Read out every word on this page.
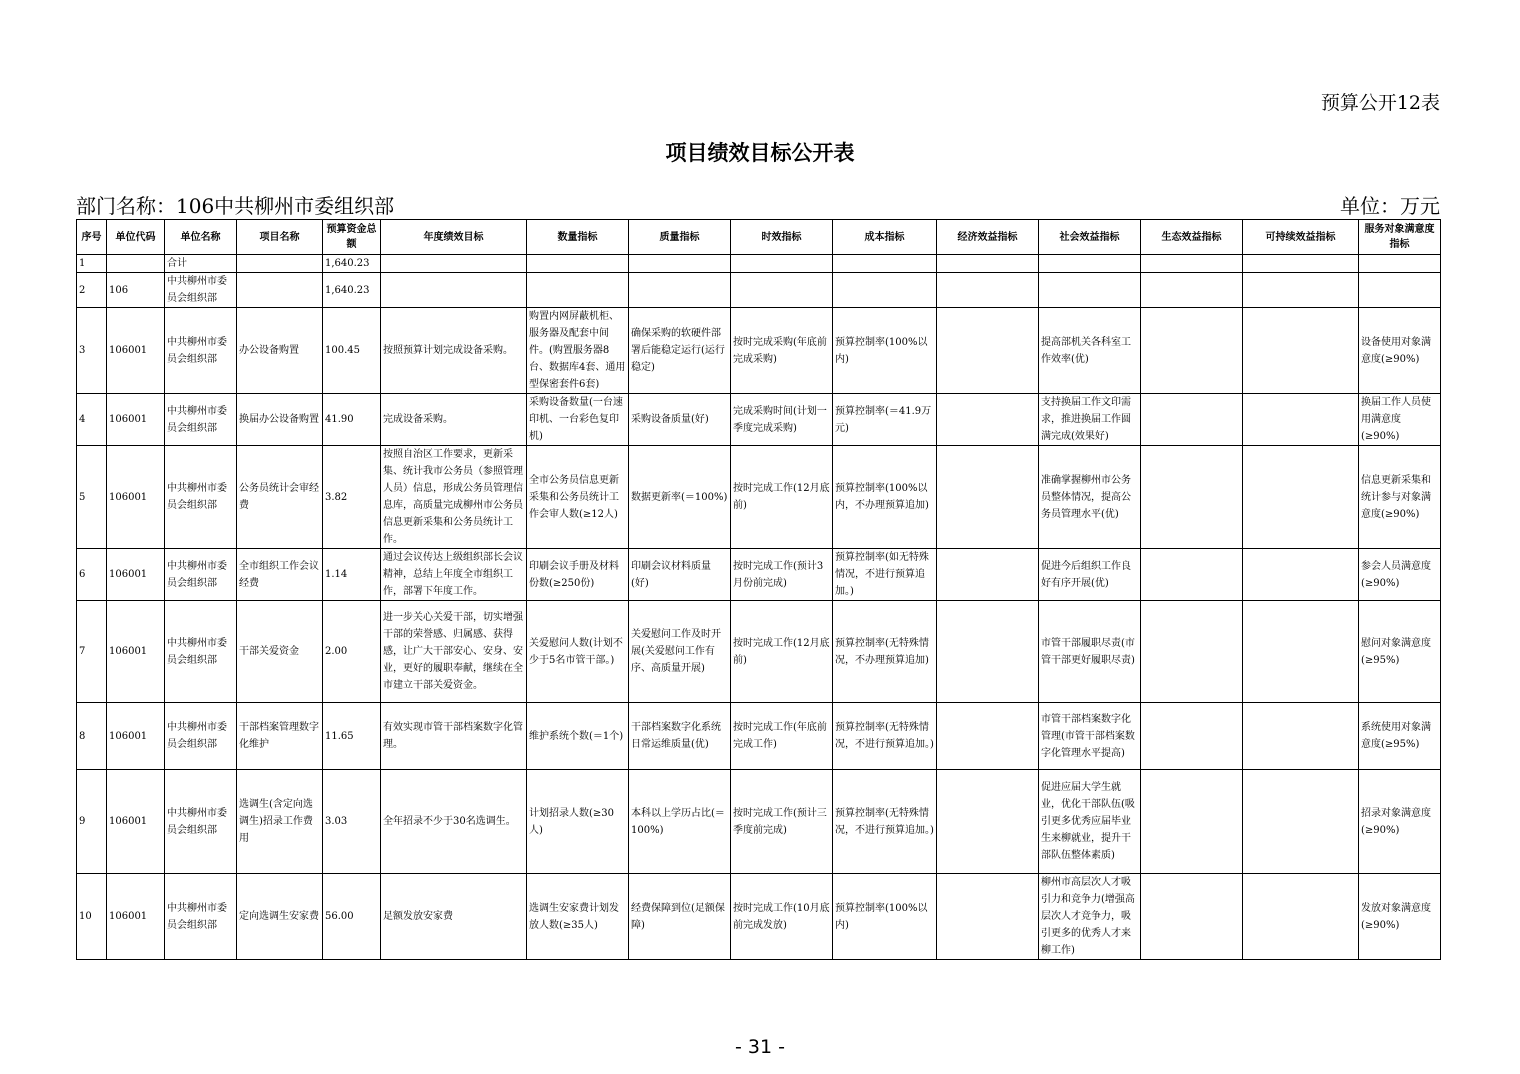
预算公开12表
项目绩效目标公开表
部门名称：106中共柳州市委组织部	单位：万元
序号	单位代码	单位名称	项目名称	预算资金总额	年度绩效目标	数量指标	质量指标	时效指标	成本指标	经济效益指标	社会效益指标	生态效益指标	可持续效益指标	服务对象满意度指标
1		合计		1,640.23										
2	106	中共柳州市委员会组织部		1,640.23										
3	106001	中共柳州市委员会组织部	办公设备购置	100.45	按照预算计划完成设备采购。	购置内网屏蔽机柜、服务器及配套中间件。(购置服务器8台、数据库4套、通用型保密套件6套)	确保采购的软硬件部署后能稳定运行(运行稳定)	按时完成采购(年底前完成采购)	预算控制率(100%以内)		提高部机关各科室工作效率(优)			设备使用对象满意度(≥90%)
4	106001	中共柳州市委员会组织部	换届办公设备购置	41.90	完成设备采购。	采购设备数量(一台速印机、一台彩色复印机)	采购设备质量(好)	完成采购时间(计划一季度完成采购)	预算控制率(＝41.9万元)		支持换届工作文印需求，推进换届工作圆满完成(效果好)			换届工作人员使用满意度(≥90%)
5	106001	中共柳州市委员会组织部	公务员统计会审经费	3.82	按照自治区工作要求，更新采集、统计我市公务员（参照管理人员）信息，形成公务员管理信息库，高质量完成柳州市公务员信息更新采集和公务员统计工作。	全市公务员信息更新采集和公务员统计工作会审人数(≥12人)	数据更新率(＝100%)	按时完成工作(12月底前)	预算控制率(100%以内，不办理预算追加)		准确掌握柳州市公务员整体情况，提高公务员管理水平(优)			信息更新采集和统计参与对象满意度(≥90%)
6	106001	中共柳州市委员会组织部	全市组织工作会议经费	1.14	通过会议传达上级组织部长会议精神，总结上年度全市组织工作，部署下年度工作。	印刷会议手册及材料份数(≥250份)	印刷会议材料质量(好)	按时完成工作(预计3月份前完成)	预算控制率(如无特殊情况，不进行预算追加。)		促进今后组织工作良好有序开展(优)			参会人员满意度(≥90%)
7	106001	中共柳州市委员会组织部	干部关爱资金	2.00	进一步关心关爱干部，切实增强干部的荣誉感、归属感、获得感，让广大干部安心、安身、安业，更好的履职奉献，继续在全市建立干部关爱资金。	关爱慰问人数(计划不少于5名市管干部。)	关爱慰问工作及时开展(关爱慰问工作有序、高质量开展)	按时完成工作(12月底前)	预算控制率(无特殊情况，不办理预算追加)		市管干部履职尽责(市管干部更好履职尽责)			慰问对象满意度(≥95%)
8	106001	中共柳州市委员会组织部	干部档案管理数字化维护	11.65	有效实现市管干部档案数字化管理。	维护系统个数(＝1个)	干部档案数字化系统日常运维质量(优)	按时完成工作(年底前完成工作)	预算控制率(无特殊情况，不进行预算追加。)		市管干部档案数字化管理(市管干部档案数字化管理水平提高)			系统使用对象满意度(≥95%)
9	106001	中共柳州市委员会组织部	选调生(含定向选调生)招录工作费用	3.03	全年招录不少于30名选调生。	计划招录人数(≥30人)	本科以上学历占比(＝100%)	按时完成工作(预计三季度前完成)	预算控制率(无特殊情况，不进行预算追加。)		促进应届大学生就业，优化干部队伍(吸引更多优秀应届毕业生来柳就业，提升干部队伍整体素质)			招录对象满意度(≥90%)
10	106001	中共柳州市委员会组织部	定向选调生安家费	56.00	足额发放安家费	选调生安家费计划发放人数(≥35人)	经费保障到位(足额保障)	按时完成工作(10月底前完成发放)	预算控制率(100%以内)		柳州市高层次人才吸引力和竞争力(增强高层次人才竞争力，吸引更多的优秀人才来柳工作)			发放对象满意度(≥90%)
- 31 -
